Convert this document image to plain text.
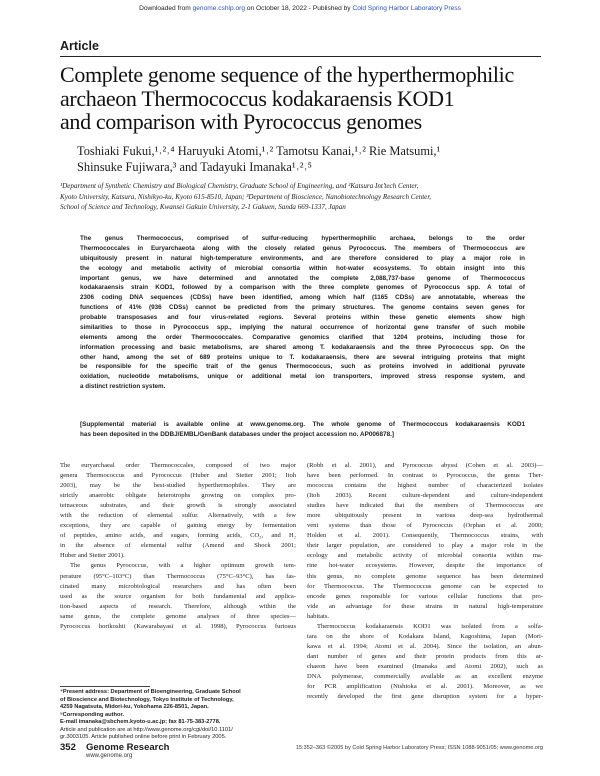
Downloaded from genome.cshlp.org on October 18, 2022 - Published by Cold Spring Harbor Laboratory Press
Article
Complete genome sequence of the hyperthermophilic
archaeon Thermococcus kodakaraensis KOD1
and comparison with Pyrococcus genomes
Toshiaki Fukui,¹˒²˒⁴ Haruyuki Atomi,¹˒² Tamotsu Kanai,¹˒² Rie Matsumi,¹
Shinsuke Fujiwara,³ and Tadayuki Imanaka¹˒²˒⁵
¹Department of Synthetic Chemistry and Biological Chemistry, Graduate School of Engineering, and ²Katsura Int’tech Center,
Kyoto University, Katsura, Nishikyo-ku, Kyoto 615-8510, Japan; ³Department of Bioscience, Nanobiotechnology Research Center,
School of Science and Technology, Kwansei Gakuin University, 2-1 Gakuen, Sanda 669-1337, Japan
The genus Thermococcus, comprised of sulfur-reducing hyperthermophilic archaea, belongs to the order
Thermococcales in Euryarchaeota along with the closely related genus Pyrococcus. The members of Thermococcus are
ubiquitously present in natural high-temperature environments, and are therefore considered to play a major role in
the ecology and metabolic activity of microbial consortia within hot-water ecosystems. To obtain insight into this
important genus, we have determined and annotated the complete 2,088,737-base genome of Thermococcus
kodakaraensis strain KOD1, followed by a comparison with the three complete genomes of Pyrococcus spp. A total of
2306 coding DNA sequences (CDSs) have been identified, among which half (1165 CDSs) are annotatable, whereas the
functions of 41% (936 CDSs) cannot be predicted from the primary structures. The genome contains seven genes for
probable transposases and four virus-related regions. Several proteins within these genetic elements show high
similarities to those in Pyrococcus spp., implying the natural occurrence of horizontal gene transfer of such mobile
elements among the order Thermococcales. Comparative genomics clarified that 1204 proteins, including those for
information processing and basic metabolisms, are shared among T. kodakaraensis and the three Pyrococcus spp. On the
other hand, among the set of 689 proteins unique to T. kodakaraensis, there are several intriguing proteins that might
be responsible for the specific trait of the genus Thermococcus, such as proteins involved in additional pyruvate
oxidation, nucleotide metabolisms, unique or additional metal ion transporters, improved stress response system, and
a distinct restriction system.
[Supplemental material is available online at www.genome.org. The whole genome of Thermococcus kodakaraensis KOD1
has been deposited in the DDBJ/EMBL/GenBank databases under the project accession no. AP006878.]
The euryarchaeal order Thermococcales, composed of two major
genera Thermococcus and Pyrococcus (Huber and Stetter 2001; Itoh
2003), may be the best-studied hyperthermophiles. They are
strictly anaerobic obligate heterotrophs growing on complex pro-
teinaceous substrates, and their growth is strongly associated
with the reduction of elemental sulfur. Alternatively, with a few
exceptions, they are capable of gaining energy by fermentation
of peptides, amino acids, and sugars, forming acids, CO₂, and H₂
in the absence of elemental sulfur (Amend and Shock 2001;
Huber and Stetter 2001).
The genus Pyrococcus, with a higher optimum growth tem-
perature (95°C–103°C) than Thermococcus (75°C–93°C), has fas-
cinated many microbiological researchers and has often been
used as the source organism for both fundamental and applica-
tion-based aspects of research. Therefore, although within the
same genus, the complete genome analyses of three species—
Pyrococcus horikoshii (Kawarabayasi et al. 1998), Pyrococcus furiosus
⁴Present address: Department of Bioengineering, Graduate School
of Bioscience and Biotechnology, Tokyo Institute of Technology,
4259 Nagatsuta, Midori-ku, Yokohama 226-8501, Japan.
⁵Corresponding author.
E-mail imanaka@sbchem.kyoto-u.ac.jp; fax 81-75-383-2778.
Article and publication are at http://www.genome.org/cgi/doi/10.1101/
gr.3003105. Article published online before print in February 2005.
(Robb et al. 2001), and Pyrococcus abyssi (Cohen et al. 2003)—
have been performed. In contrast to Pyrococcus, the genus Ther-
mococcus contains the highest number of characterized isolates
(Itoh 2003). Recent culture-dependent and culture-independent
studies have indicated that the members of Thermococcus are
more ubiquitously present in various deep-sea hydrothermal
vent systems than those of Pyrococcus (Orphan et al. 2000;
Holden et al. 2001). Consequently, Thermococcus strains, with
their larger population, are considered to play a major role in the
ecology and metabolic activity of microbial consortia within ma-
rine hot-water ecosystems. However, despite the importance of
this genus, no complete genome sequence has been determined
for Thermococcus. The Thermococcus genome can be expected to
encode genes responsible for various cellular functions that pro-
vide an advantage for these strains in natural high-temperature
habitats.
Thermococcus kodakaraensis KOD1 was isolated from a solfa-
tara on the shore of Kodakara Island, Kagoshima, Japan (Mori-
kawa et al. 1994; Atomi et al. 2004). Since the isolation, an abun-
dant number of genes and their protein products from this ar-
chaeon have been examined (Imanaka and Atomi 2002), such as
DNA polymerase, commercially available as an excellent enzyme
for PCR amplification (Nishioka et al. 2001). Moreover, as we
recently developed the first gene disruption system for a hyper-
352 Genome Research
www.genome.org
15:352–363 ©2005 by Cold Spring Harbor Laboratory Press; ISSN 1088-9051/05; www.genome.org
